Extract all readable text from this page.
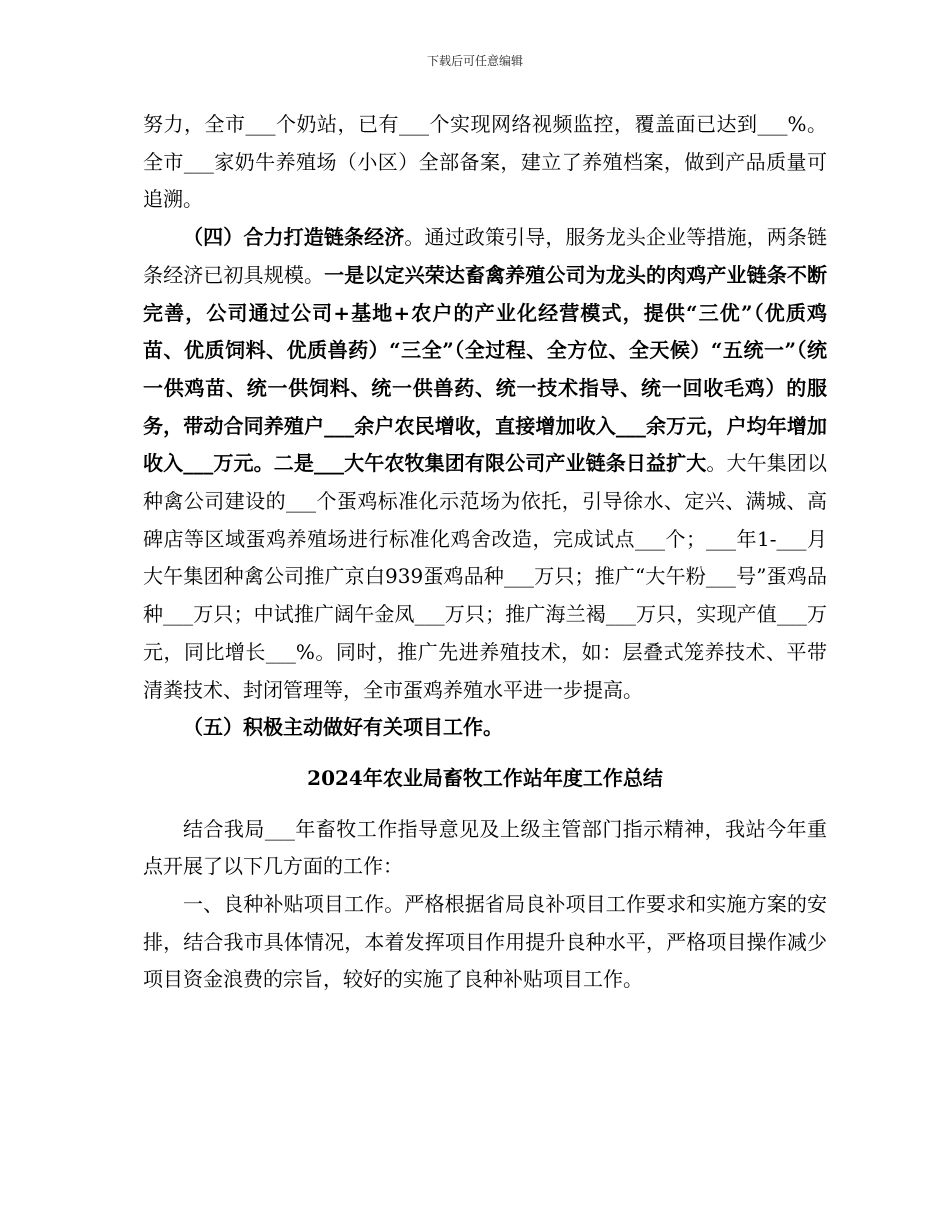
下载后可任意编辑

努力，全市___个奶站，已有___个实现网络视频监控，覆盖面已达到___%。全市___家奶牛养殖场（小区）全部备案，建立了养殖档案，做到产品质量可追溯。

（四）合力打造链条经济。通过政策引导，服务龙头企业等措施，两条链条经济已初具规模。一是以定兴荣达畜禽养殖公司为龙头的肉鸡产业链条不断完善，公司通过公司+基地+农户的产业化经营模式，提供“三优”（优质鸡苗、优质饲料、优质兽药）“三全”（全过程、全方位、全天候）“五统一”（统一供鸡苗、统一供饲料、统一供兽药、统一技术指导、统一回收毛鸡）的服务，带动合同养殖户___余户农民增收，直接增加收入___余万元，户均年增加收入___万元。二是___大午农牧集团有限公司产业链条日益扩大。大午集团以种禽公司建设的___个蛋鸡标准化示范场为依托，引导徐水、定兴、满城、高碑店等区域蛋鸡养殖场进行标准化鸡舍改造，完成试点___个；___年1-___月大午集团种禽公司推广京白939蛋鸡品种___万只；推广“大午粉___号”蛋鸡品种___万只；中试推广阔午金凤___万只；推广海兰褐___万只，实现产值___万元，同比增长___%。同时，推广先进养殖技术，如：层叠式笼养技术、平带清粪技术、封闭管理等，全市蛋鸡养殖水平进一步提高。

（五）积极主动做好有关项目工作。

2024年农业局畜牧工作站年度工作总结

结合我局___年畜牧工作指导意见及上级主管部门指示精神，我站今年重点开展了以下几方面的工作：

一、良种补贴项目工作。严格根据省局良补项目工作要求和实施方案的安排，结合我市具体情况，本着发挥项目作用提升良种水平，严格项目操作减少项目资金浪费的宗旨，较好的实施了良种补贴项目工作。
